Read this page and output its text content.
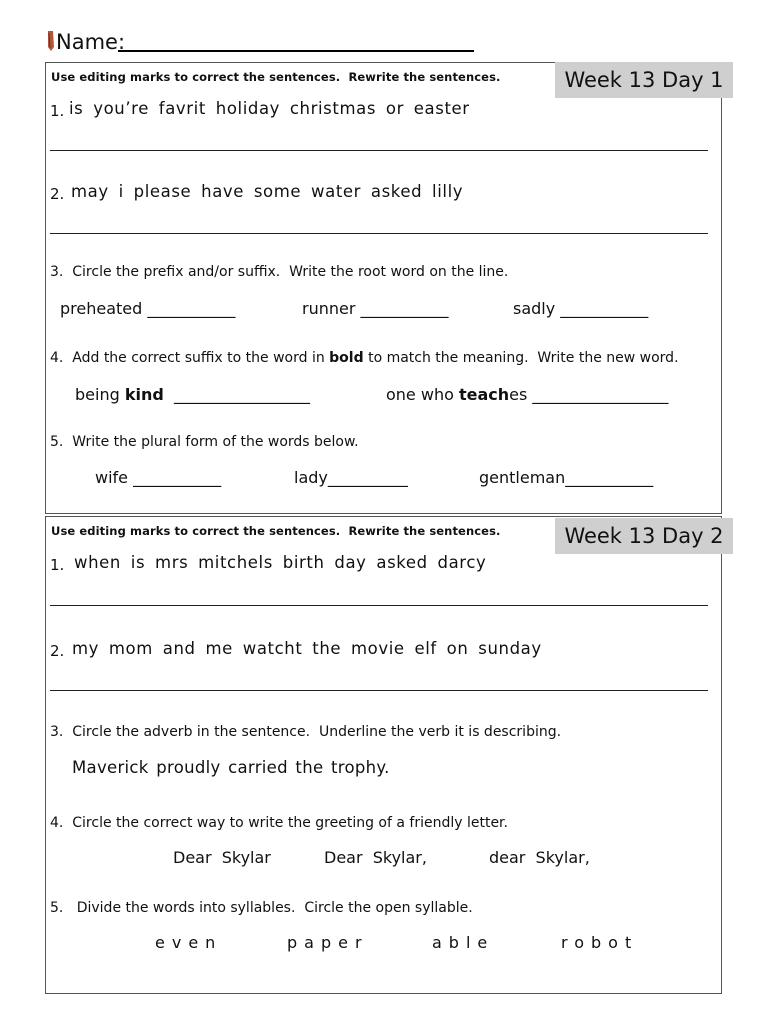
Name:
Week 13 Day 1
Use editing marks to correct the sentences.  Rewrite the sentences.
1. is you’re favrit holiday christmas or easter
2. may i please have some water asked lilly
3.  Circle the prefix and/or suffix.  Write the root word on the line.
preheated ___________	runner ___________	sadly ___________
4.  Add the correct suffix to the word in bold to match the meaning.  Write the new word.
being kind  _________________	one who teaches _________________
5.  Write the plural form of the words below.
wife ___________	lady__________	gentleman___________
Week 13 Day 2
Use editing marks to correct the sentences.  Rewrite the sentences.
1. when is mrs mitchels birth day asked darcy
2. my mom and me watcht the movie elf on sunday
3.  Circle the adverb in the sentence.  Underline the verb it is describing.
Maverick proudly carried the trophy.
4.  Circle the correct way to write the greeting of a friendly letter.
Dear  Skylar	Dear  Skylar,	dear  Skylar,
5.   Divide the words into syllables.  Circle the open syllable.
even	paper	able	robot
